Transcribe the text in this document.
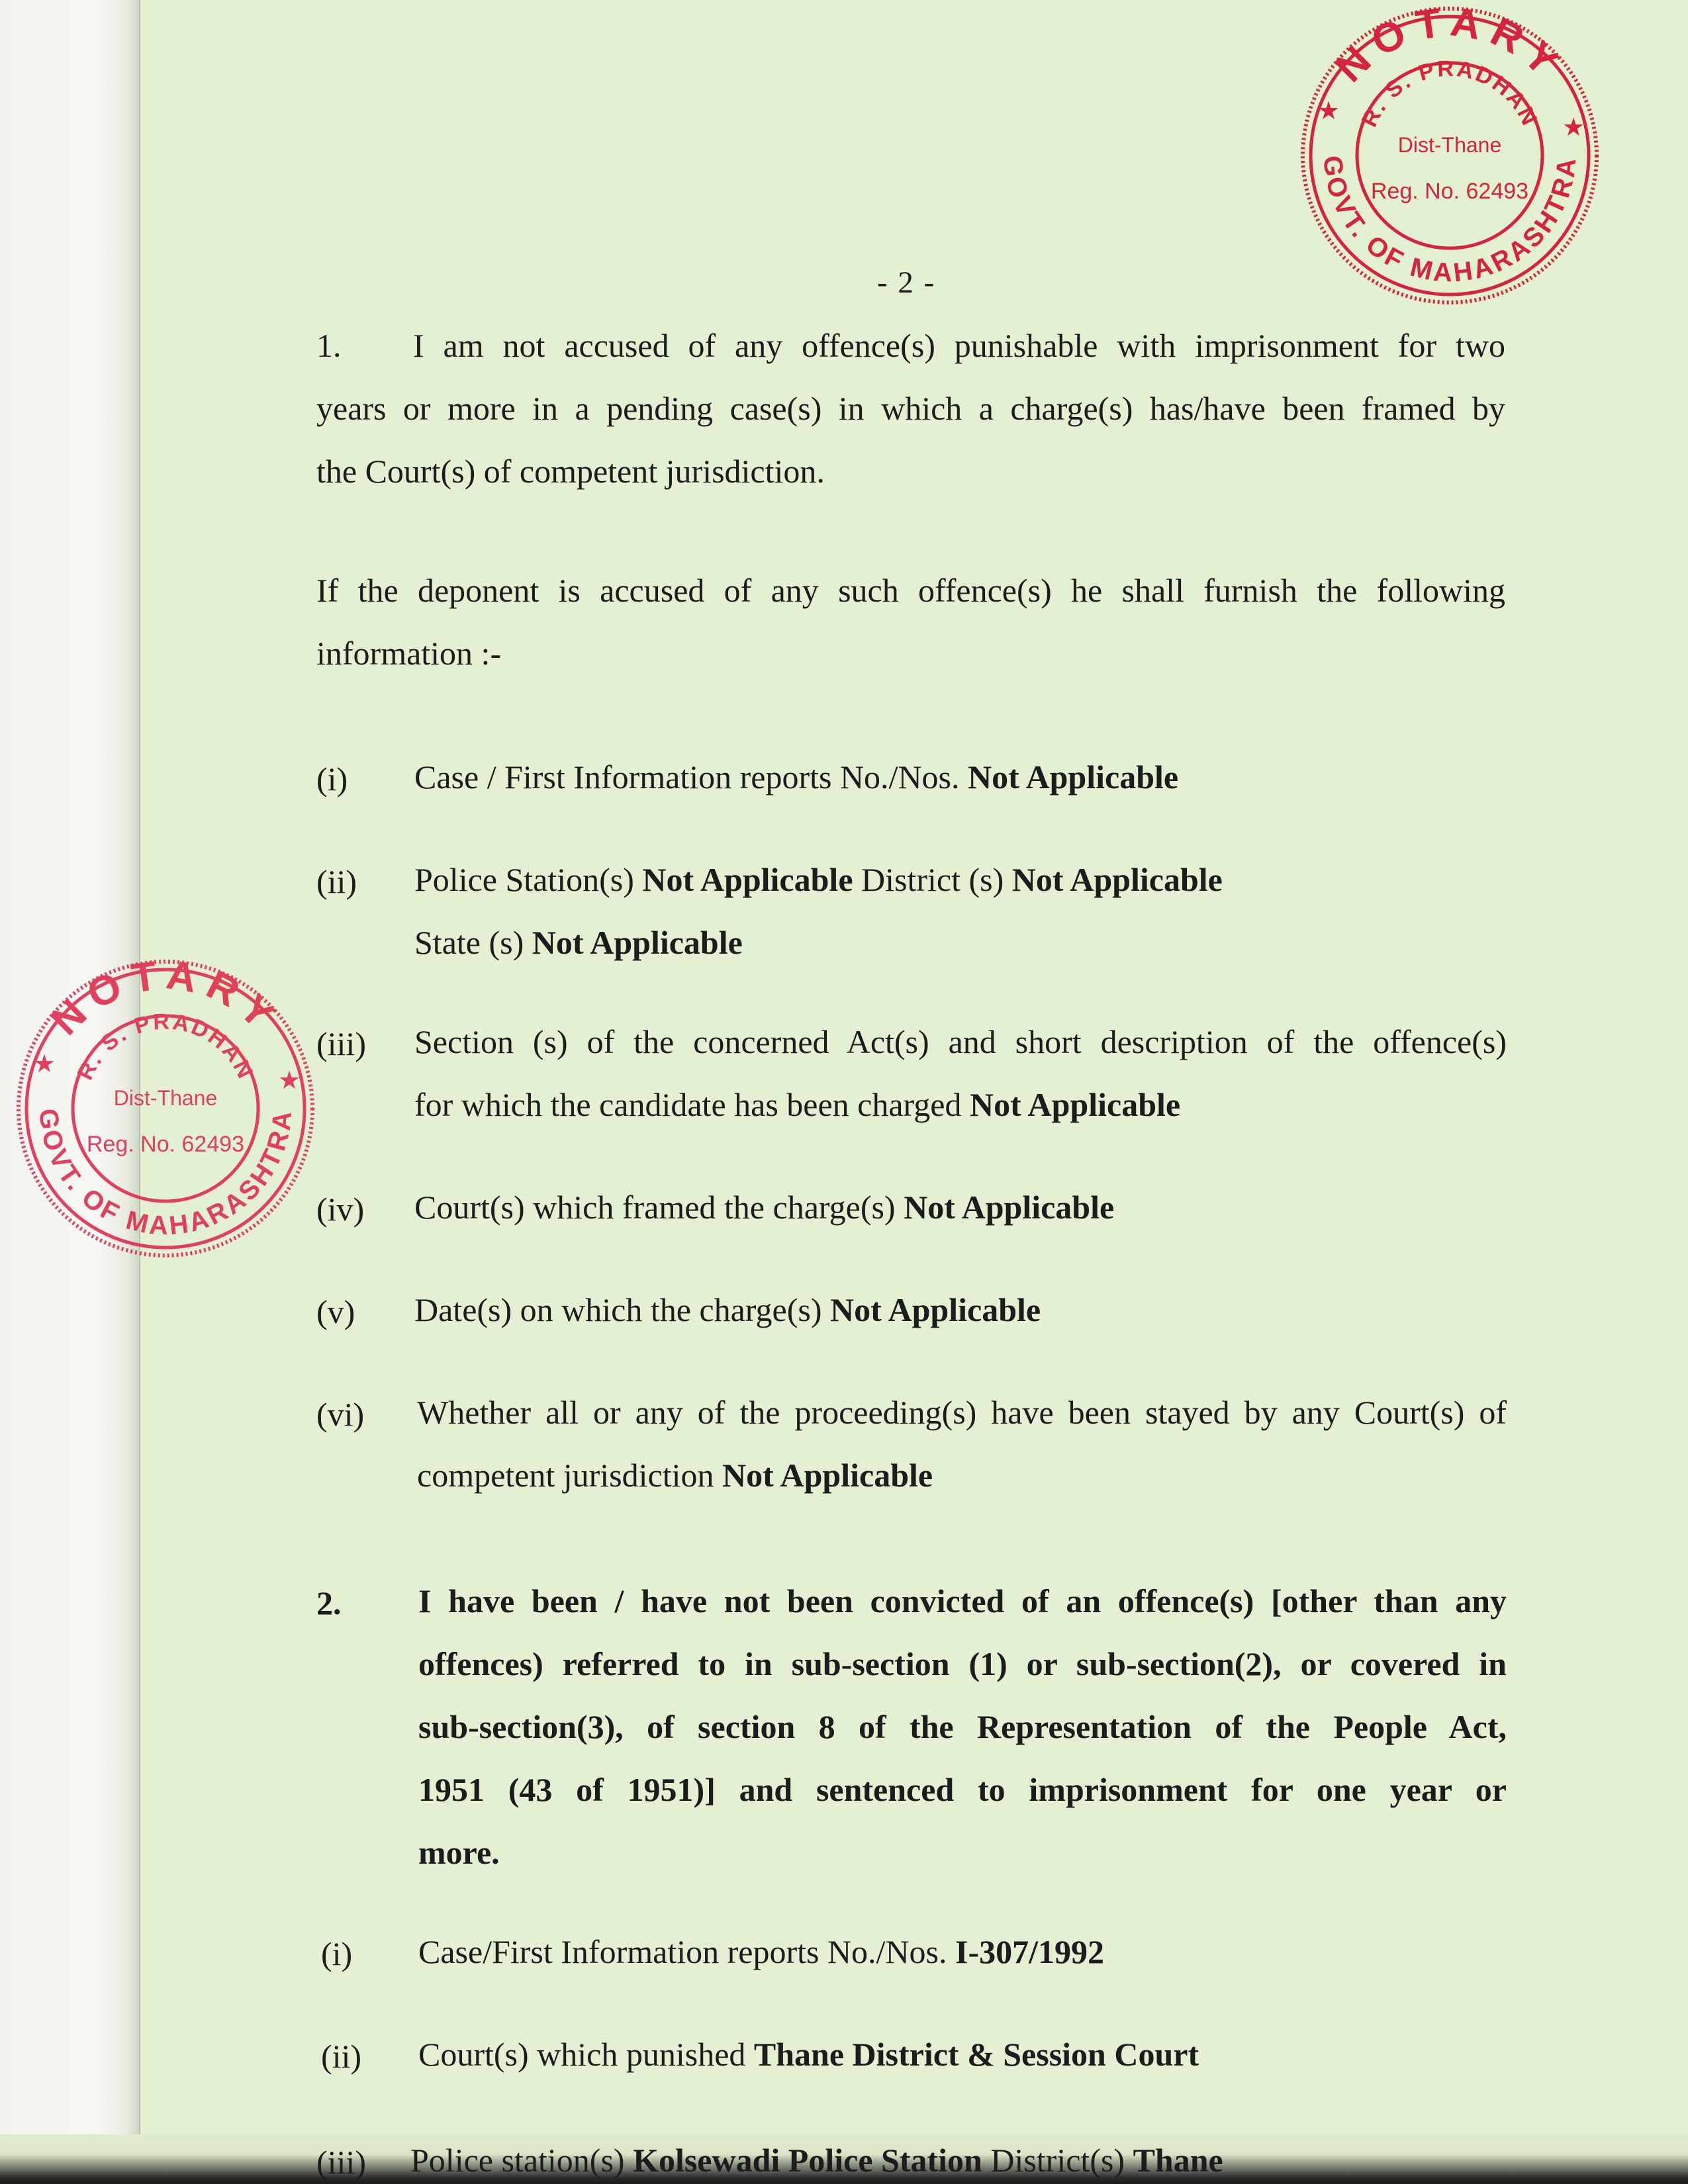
NOTARY
R. S. PRADHAN
Dist-Thane
Reg. No. 62493
GOVT. OF MAHARASHTRA
★
★
NOTARY
R. S. PRADHAN
Dist-Thane
Reg. No. 62493
GOVT. OF MAHARASHTRA
★
★
- 2 -
1. I am not accused of any offence(s) punishable with imprisonment for two
years or more in a pending case(s) in which a charge(s) has/have been framed by
the Court(s) of competent jurisdiction.
If the deponent is accused of any such offence(s) he shall furnish the following
information :-
(i) Case / First Information reports No./Nos. Not Applicable
(ii) Police Station(s) Not Applicable District (s) Not Applicable
State (s) Not Applicable
(iii) Section (s) of the concerned Act(s) and short description of the offence(s)
for which the candidate has been charged Not Applicable
(iv) Court(s) which framed the charge(s) Not Applicable
(v) Date(s) on which the charge(s) Not Applicable
(vi) Whether all or any of the proceeding(s) have been stayed by any Court(s) of
competent jurisdiction Not Applicable
2. I have been / have not been convicted of an offence(s) [other than any
offences) referred to in sub-section (1) or sub-section(2), or covered in
sub-section(3), of section 8 of the Representation of the People Act,
1951 (43 of 1951)] and sentenced to imprisonment for one year or
more.
(i) Case/First Information reports No./Nos. I-307/1992
(ii) Court(s) which punished Thane District & Session Court
(iii) Police station(s) Kolsewadi Police Station District(s) Thane
